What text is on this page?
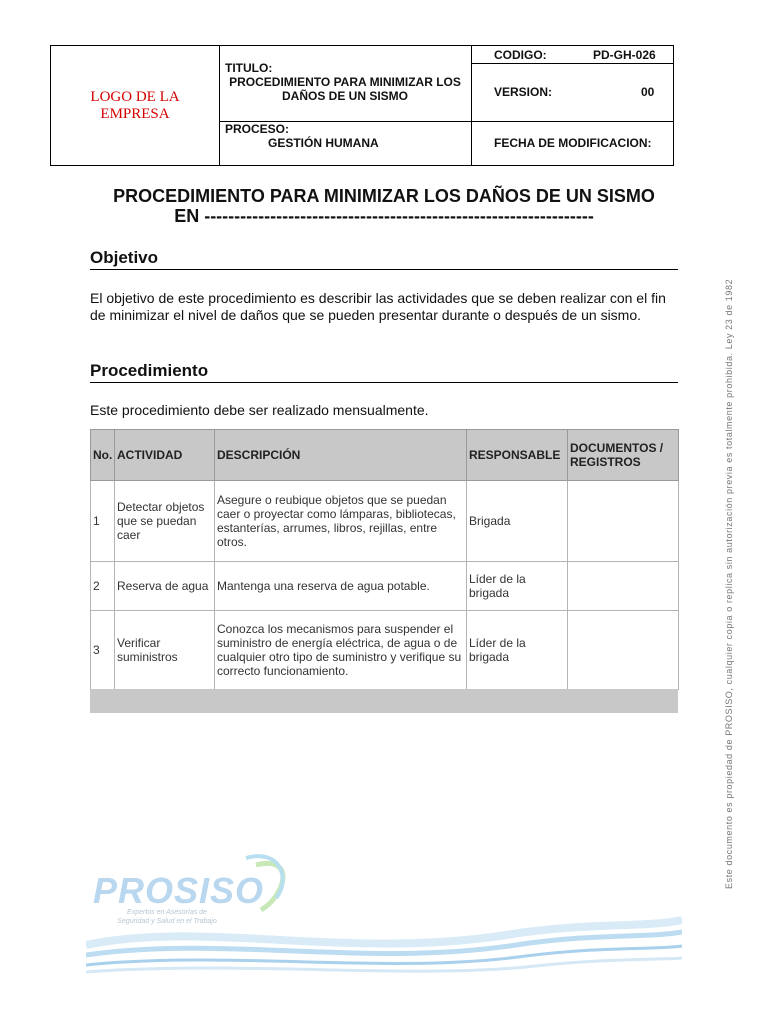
LOGO DE LA
EMPRESA
TITULO:
PROCEDIMIENTO PARA MINIMIZAR LOS
DAÑOS DE UN SISMO
PROCESO:
GESTIÓN HUMANA
CODIGO:	PD-GH-026
VERSION:	00
FECHA DE MODIFICACION:
PROCEDIMIENTO PARA MINIMIZAR LOS DAÑOS DE UN SISMO
EN -----------------------------------------------------------------
Objetivo
El objetivo de este procedimiento es describir las actividades que se deben realizar con el fin de minimizar el nivel de daños que se pueden presentar durante o después de un sismo.
Procedimiento
Este procedimiento debe ser realizado mensualmente.
No.	ACTIVIDAD	DESCRIPCIÓN	RESPONSABLE	DOCUMENTOS / REGISTROS
1	Detectar objetos que se puedan caer	Asegure o reubique objetos que se puedan caer o proyectar como lámparas, bibliotecas, estanterías, arrumes, libros, rejillas, entre otros.	Brigada	
2	Reserva de agua	Mantenga una reserva de agua potable.	Líder de la brigada	
3	Verificar suministros	Conozca los mecanismos para suspender el suministro de energía eléctrica, de agua o de cualquier otro tipo de suministro y verifique su correcto funcionamiento.	Líder de la brigada		Este documento es propiedad de PROSISO, cualquier copia o replica sin autorización previa es totalmente prohibida. Ley 23 de 1982
PROSISO
Expertos en Asesorías de
Seguridad y Salud en el Trabajo
